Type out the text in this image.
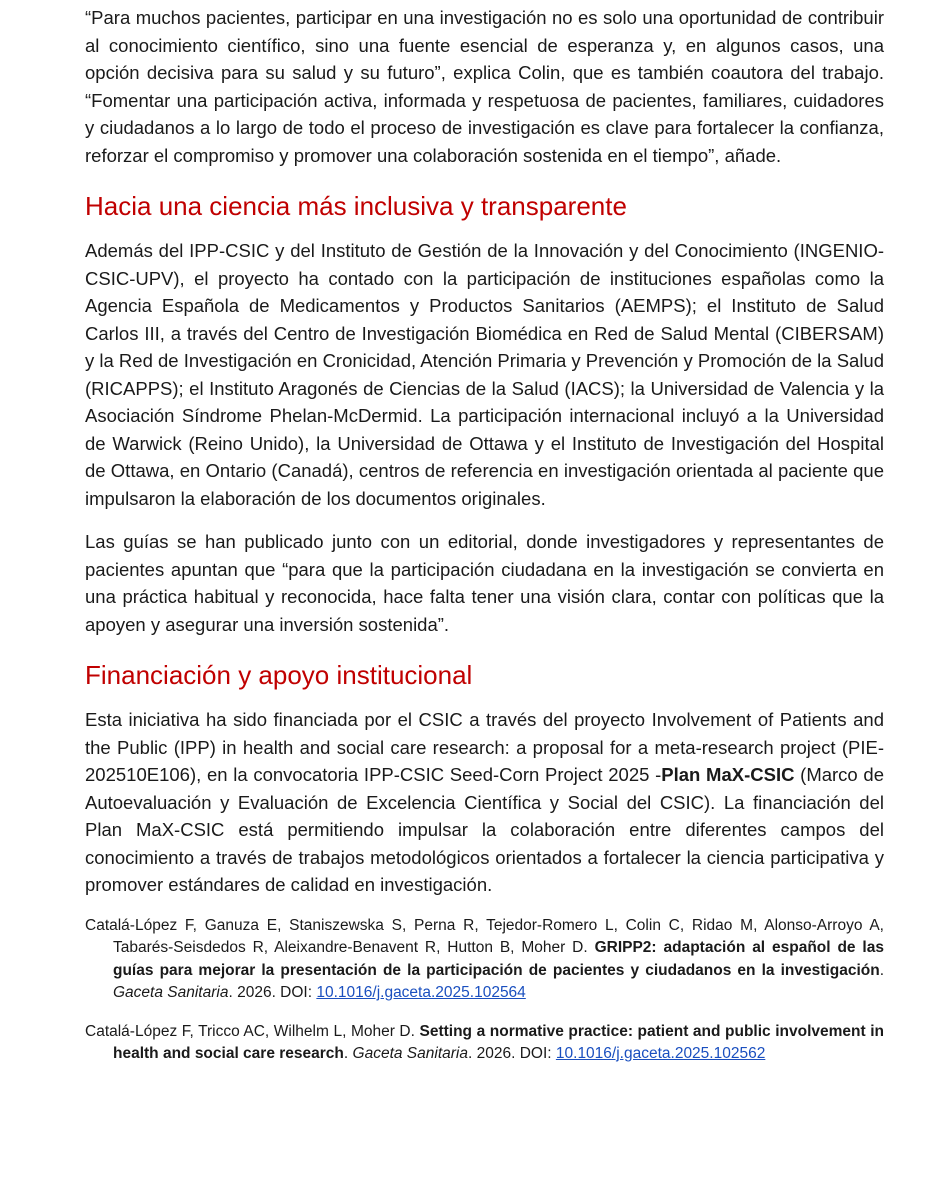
“Para muchos pacientes, participar en una investigación no es solo una oportunidad de contribuir al conocimiento científico, sino una fuente esencial de esperanza y, en algunos casos, una opción decisiva para su salud y su futuro”, explica Colin, que es también coautora del trabajo. “Fomentar una participación activa, informada y respetuosa de pacientes, familiares, cuidadores y ciudadanos a lo largo de todo el proceso de investigación es clave para fortalecer la confianza, reforzar el compromiso y promover una colaboración sostenida en el tiempo”, añade.

Hacia una ciencia más inclusiva y transparente

Además del IPP-CSIC y del Instituto de Gestión de la Innovación y del Conocimiento (INGENIO-CSIC-UPV), el proyecto ha contado con la participación de instituciones españolas como la Agencia Española de Medicamentos y Productos Sanitarios (AEMPS); el Instituto de Salud Carlos III, a través del Centro de Investigación Biomédica en Red de Salud Mental (CIBERSAM) y la Red de Investigación en Cronicidad, Atención Primaria y Prevención y Promoción de la Salud (RICAPPS); el Instituto Aragonés de Ciencias de la Salud (IACS); la Universidad de Valencia y la Asociación Síndrome Phelan-McDermid. La participación internacional incluyó a la Universidad de Warwick (Reino Unido), la Universidad de Ottawa y el Instituto de Investigación del Hospital de Ottawa, en Ontario (Canadá), centros de referencia en investigación orientada al paciente que impulsaron la elaboración de los documentos originales.

Las guías se han publicado junto con un editorial, donde investigadores y representantes de pacientes apuntan que “para que la participación ciudadana en la investigación se convierta en una práctica habitual y reconocida, hace falta tener una visión clara, contar con políticas que la apoyen y asegurar una inversión sostenida”.

Financiación y apoyo institucional

Esta iniciativa ha sido financiada por el CSIC a través del proyecto Involvement of Patients and the Public (IPP) in health and social care research: a proposal for a meta-research project (PIE-202510E106), en la convocatoria IPP-CSIC Seed-Corn Project 2025 -Plan MaX-CSIC (Marco de Autoevaluación y Evaluación de Excelencia Científica y Social del CSIC). La financiación del Plan MaX-CSIC está permitiendo impulsar la colaboración entre diferentes campos del conocimiento a través de trabajos metodológicos orientados a fortalecer la ciencia participativa y promover estándares de calidad en investigación.

Catalá-López F, Ganuza E, Staniszewska S, Perna R, Tejedor-Romero L, Colin C, Ridao M, Alonso-Arroyo A, Tabarés-Seisdedos R, Aleixandre-Benavent R, Hutton B, Moher D. GRIPP2: adaptación al español de las guías para mejorar la presentación de la participación de pacientes y ciudadanos en la investigación. Gaceta Sanitaria. 2026. DOI: 10.1016/j.gaceta.2025.102564

Catalá-López F, Tricco AC, Wilhelm L, Moher D. Setting a normative practice: patient and public involvement in health and social care research. Gaceta Sanitaria. 2026. DOI: 10.1016/j.gaceta.2025.102562
